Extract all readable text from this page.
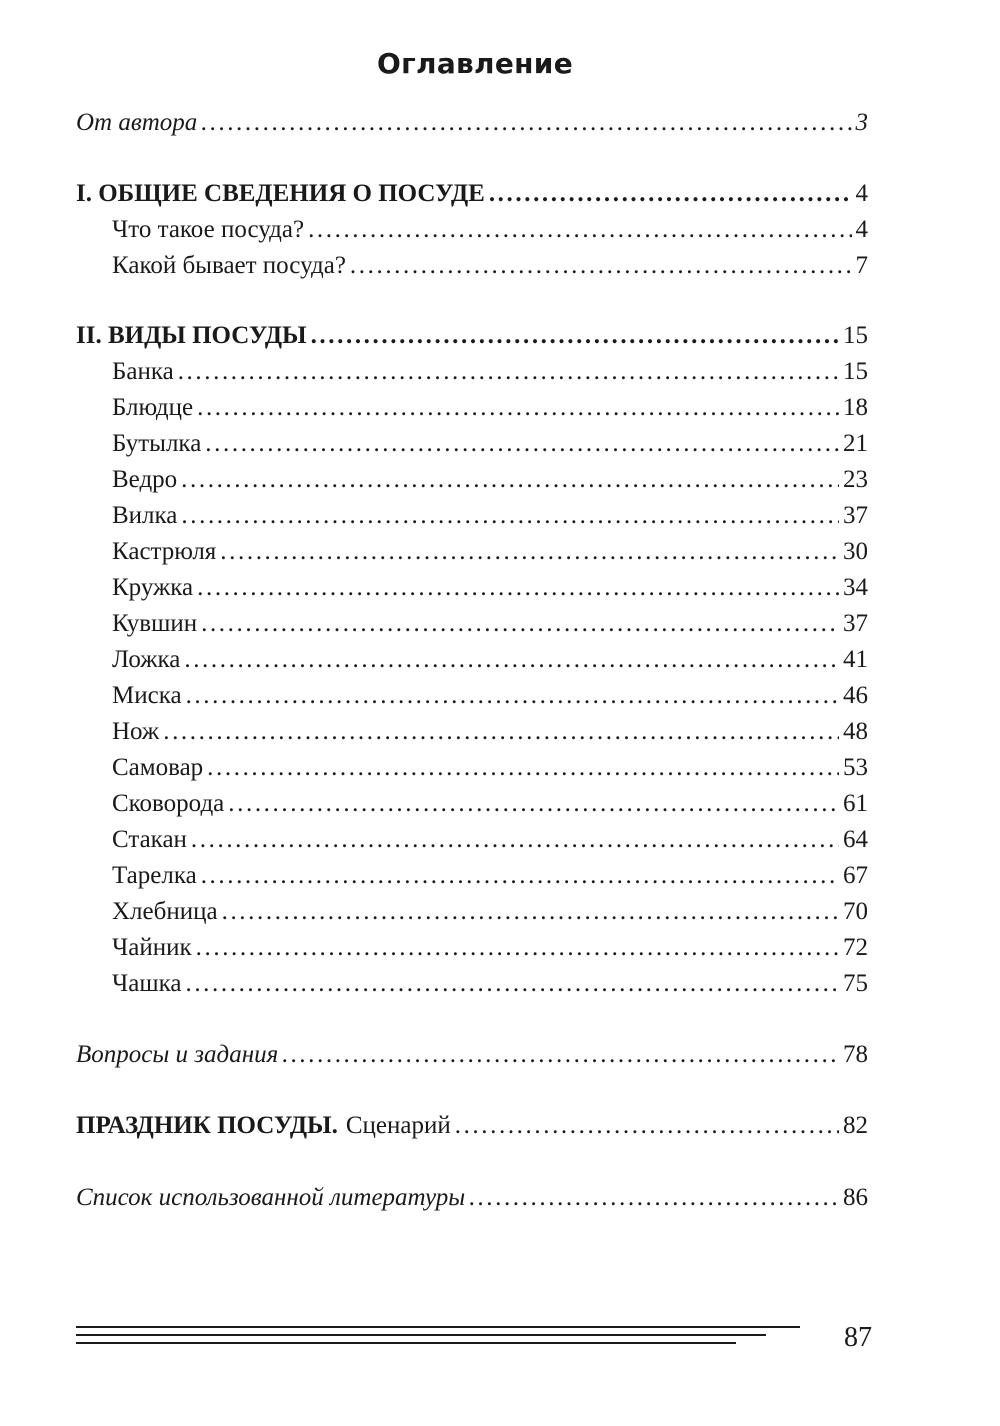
Оглавление
От автора .....	3
I. ОБЩИЕ СВЕДЕНИЯ О ПОСУДЕ .....	4
Что такое посуда? .....	4
Какой бывает посуда? .....	7
II. ВИДЫ ПОСУДЫ .....	15
Банка .....	15
Блюдце .....	18
Бутылка .....	21
Ведро .....	23
Вилка .....	37
Кастрюля .....	30
Кружка .....	34
Кувшин .....	37
Ложка .....	41
Миска .....	46
Нож .....	48
Самовар .....	53
Сковорода .....	61
Стакан .....	64
Тарелка .....	67
Хлебница .....	70
Чайник .....	72
Чашка .....	75
Вопросы и задания .....	78
ПРАЗДНИК ПОСУДЫ. Сценарий .....	82
Список использованной литературы .....	86
87
